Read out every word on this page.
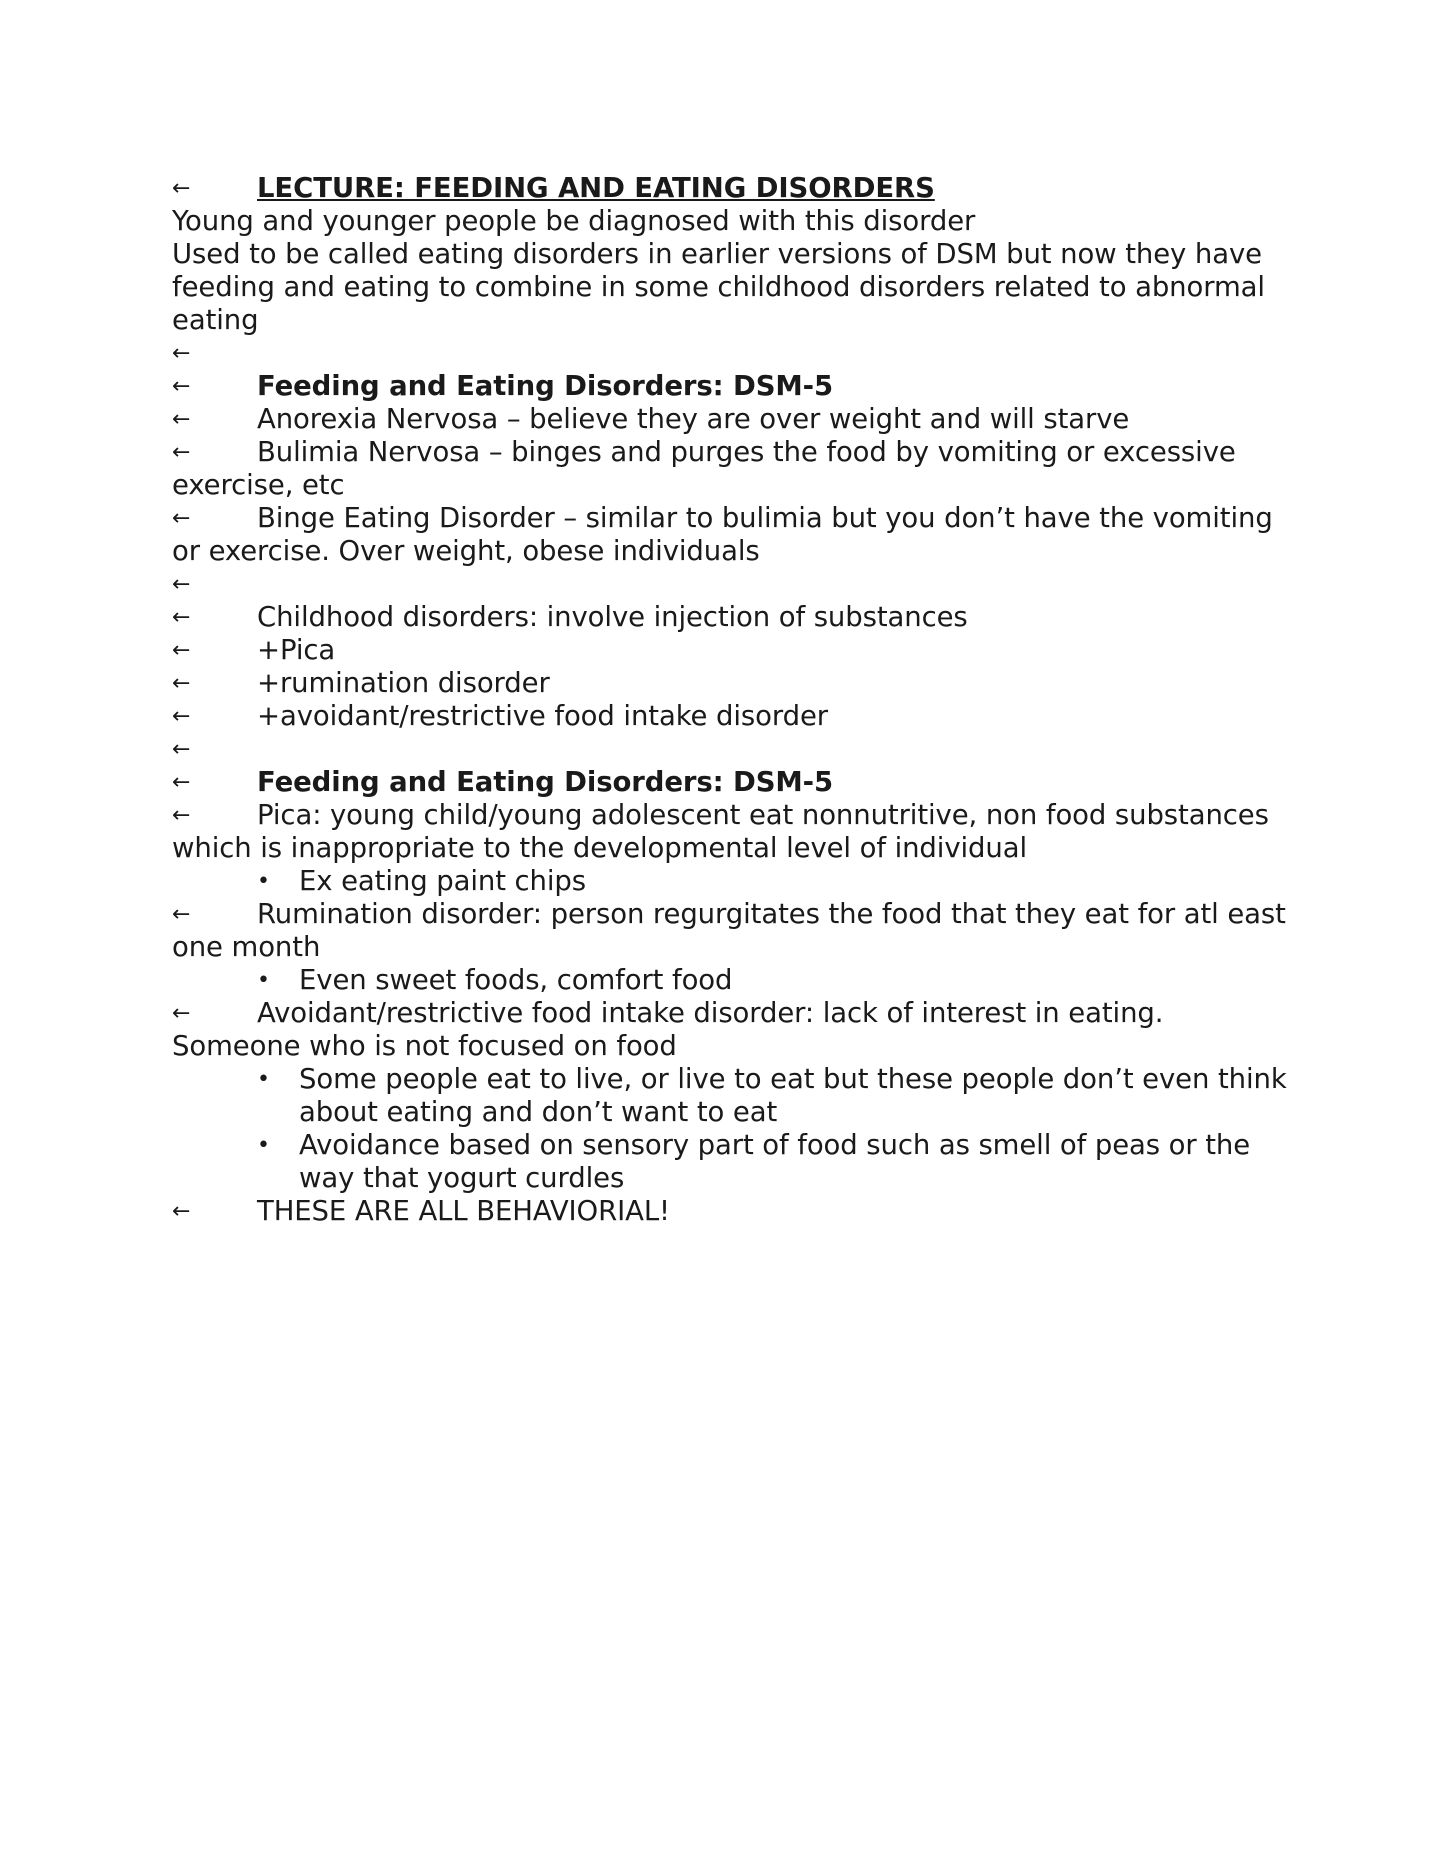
← LECTURE: FEEDING AND EATING DISORDERS
Young and younger people be diagnosed with this disorder
Used to be called eating disorders in earlier versions of DSM but now they have feeding and eating to combine in some childhood disorders related to abnormal eating
←
← Feeding and Eating Disorders: DSM-5
← Anorexia Nervosa – believe they are over weight and will starve
← Bulimia Nervosa – binges and purges the food by vomiting or excessive exercise, etc
← Binge Eating Disorder – similar to bulimia but you don’t have the vomiting or exercise. Over weight, obese individuals
←
← Childhood disorders: involve injection of substances
← +Pica
← +rumination disorder
← +avoidant/restrictive food intake disorder
←
← Feeding and Eating Disorders: DSM-5
← Pica: young child/young adolescent eat nonnutritive, non food substances which is inappropriate to the developmental level of individual
• Ex eating paint chips
← Rumination disorder: person regurgitates the food that they eat for atl east one month
• Even sweet foods, comfort food
← Avoidant/restrictive food intake disorder: lack of interest in eating. Someone who is not focused on food
• Some people eat to live, or live to eat but these people don’t even think about eating and don’t want to eat
• Avoidance based on sensory part of food such as smell of peas or the way that yogurt curdles
← THESE ARE ALL BEHAVIORIAL!
